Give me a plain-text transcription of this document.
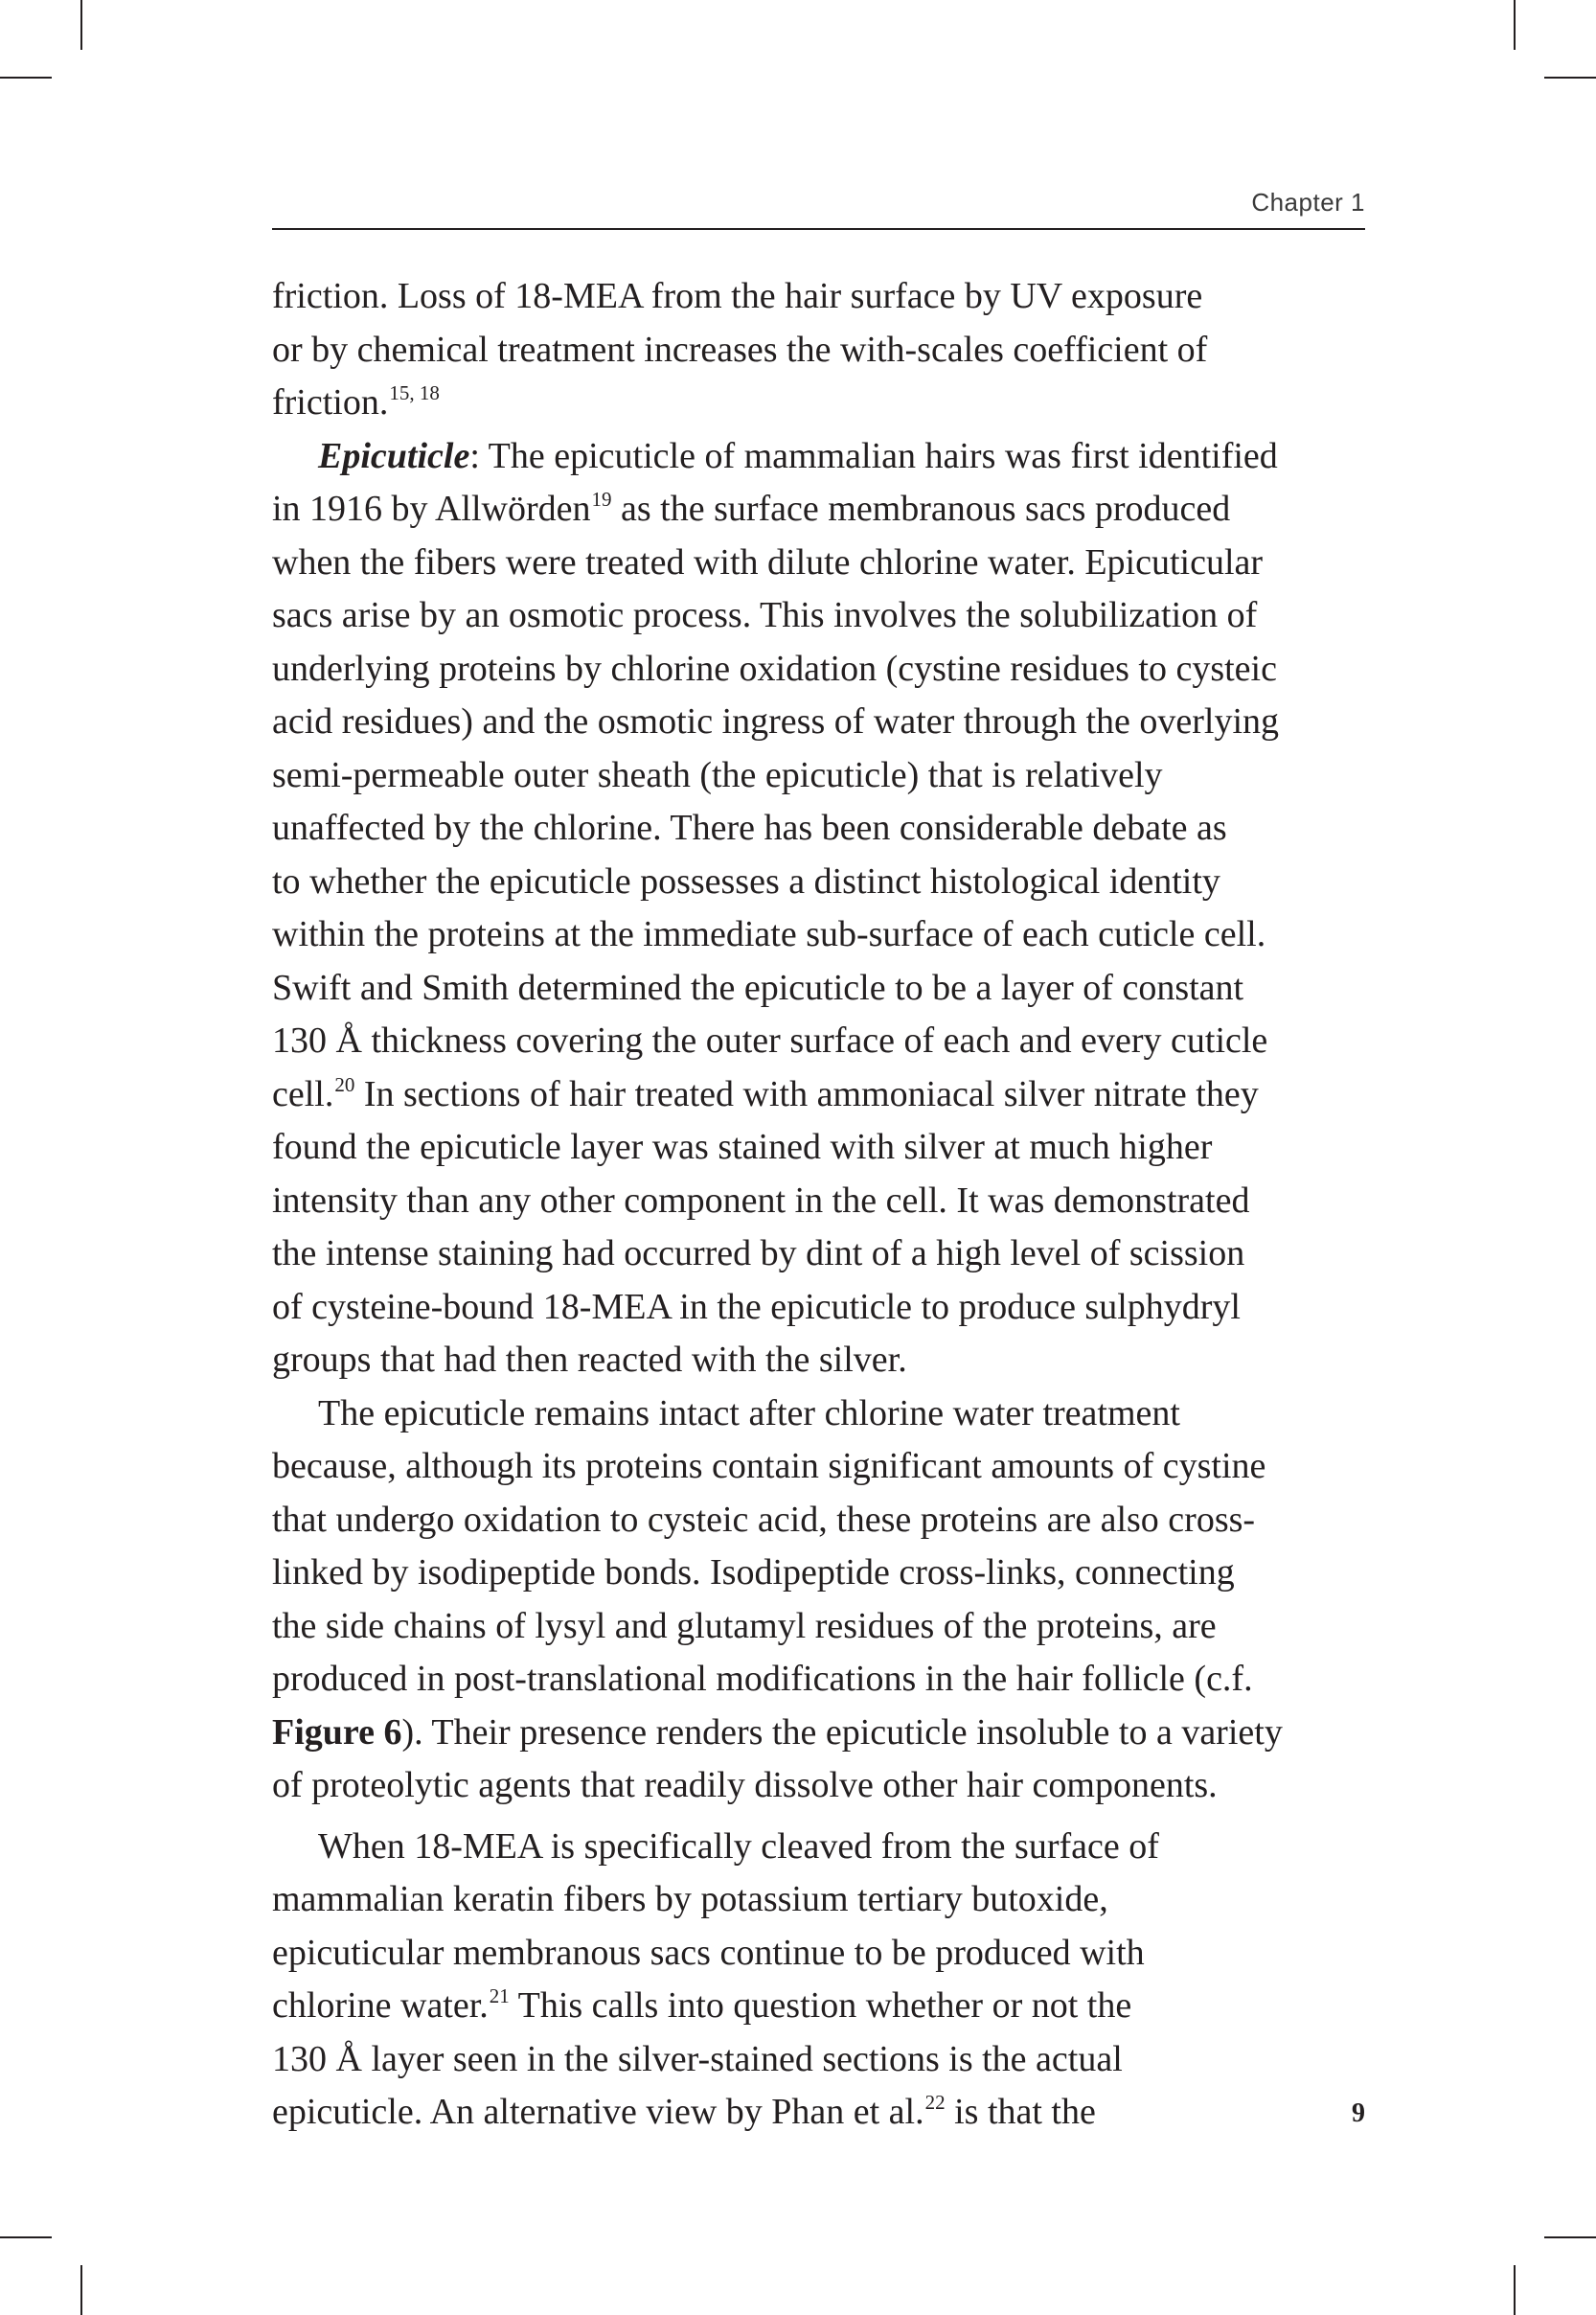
Chapter 1
friction. Loss of 18-MEA from the hair surface by UV exposure
or by chemical treatment increases the with-scales coefficient of
friction.$^{15, 18}$
Epicuticle: The epicuticle of mammalian hairs was first identified
in 1916 by Allwörden$^{19}$ as the surface membranous sacs produced
when the fibers were treated with dilute chlorine water. Epicuticular
sacs arise by an osmotic process. This involves the solubilization of
underlying proteins by chlorine oxidation (cystine residues to cysteic
acid residues) and the osmotic ingress of water through the overlying
semi-permeable outer sheath (the epicuticle) that is relatively
unaffected by the chlorine. There has been considerable debate as
to whether the epicuticle possesses a distinct histological identity
within the proteins at the immediate sub-surface of each cuticle cell.
Swift and Smith determined the epicuticle to be a layer of constant
130 Å thickness covering the outer surface of each and every cuticle
cell.$^{20}$ In sections of hair treated with ammoniacal silver nitrate they
found the epicuticle layer was stained with silver at much higher
intensity than any other component in the cell. It was demonstrated
the intense staining had occurred by dint of a high level of scission
of cysteine-bound 18-MEA in the epicuticle to produce sulphydryl
groups that had then reacted with the silver.
The epicuticle remains intact after chlorine water treatment
because, although its proteins contain significant amounts of cystine
that undergo oxidation to cysteic acid, these proteins are also cross-
linked by isodipeptide bonds. Isodipeptide cross-links, connecting
the side chains of lysyl and glutamyl residues of the proteins, are
produced in post-translational modifications in the hair follicle (c.f.
Figure 6). Their presence renders the epicuticle insoluble to a variety
of proteolytic agents that readily dissolve other hair components.
When 18-MEA is specifically cleaved from the surface of
mammalian keratin fibers by potassium tertiary butoxide,
epicuticular membranous sacs continue to be produced with
chlorine water.$^{21}$ This calls into question whether or not the
130 Å layer seen in the silver-stained sections is the actual
epicuticle. An alternative view by Phan et al.$^{22}$ is that the	9
